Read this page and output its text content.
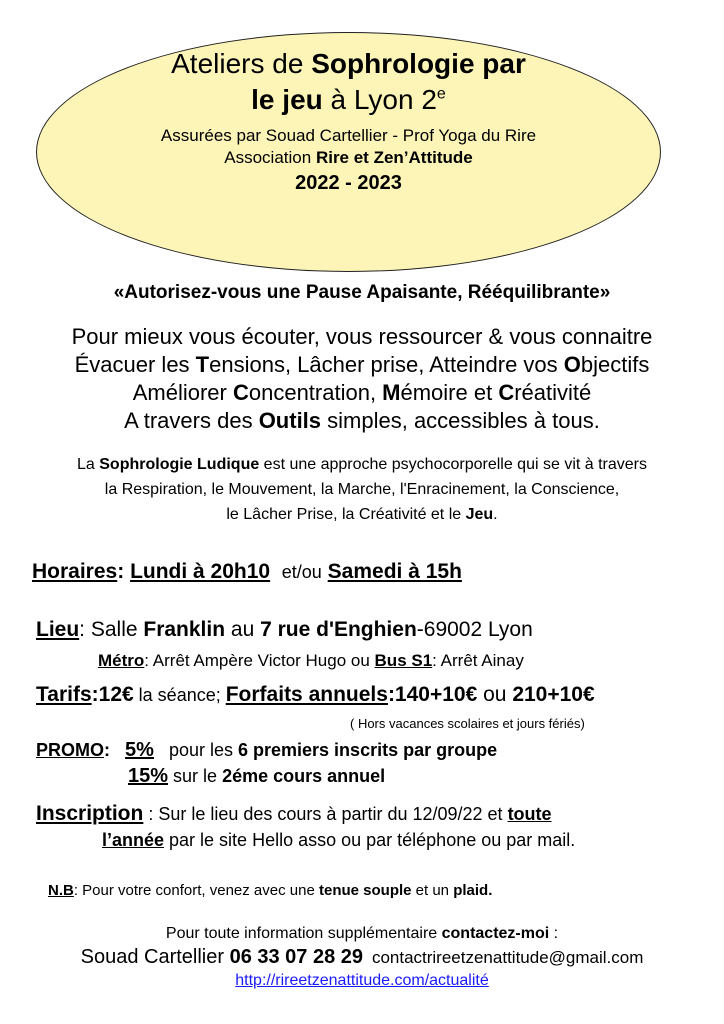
Ateliers de Sophrologie par
le jeu à Lyon 2e
Assurées par Souad Cartellier - Prof Yoga du Rire
Association Rire et Zen’Attitude
2022 - 2023
«Autorisez-vous une Pause Apaisante, Rééquilibrante»
Pour mieux vous écouter, vous ressourcer & vous connaitre
Évacuer les Tensions, Lâcher prise, Atteindre vos Objectifs
Améliorer Concentration, Mémoire et Créativité
A travers des Outils simples, accessibles à tous.
La Sophrologie Ludique est une approche psychocorporelle qui se vit à travers
la Respiration, le Mouvement, la Marche, l'Enracinement, la Conscience,
le Lâcher Prise, la Créativité et le Jeu.
Horaires: Lundi à 20h10 et/ou Samedi à 15h
Lieu: Salle Franklin au 7 rue d'Enghien-69002 Lyon
Métro: Arrêt Ampère Victor Hugo ou Bus S1: Arrêt Ainay
Tarifs:12€ la séance; Forfaits annuels:140+10€ ou 210+10€
( Hors vacances scolaires et jours fériés)
PROMO: 5% pour les 6 premiers inscrits par groupe
15% sur le 2éme cours annuel
Inscription : Sur le lieu des cours à partir du 12/09/22 et toute
l’année par le site Hello asso ou par téléphone ou par mail.
N.B: Pour votre confort, venez avec une tenue souple et un plaid.
Pour toute information supplémentaire contactez-moi :
Souad Cartellier 06 33 07 28 29 contactrireetzenattitude@gmail.com
http://rireetzenattitude.com/actualité
